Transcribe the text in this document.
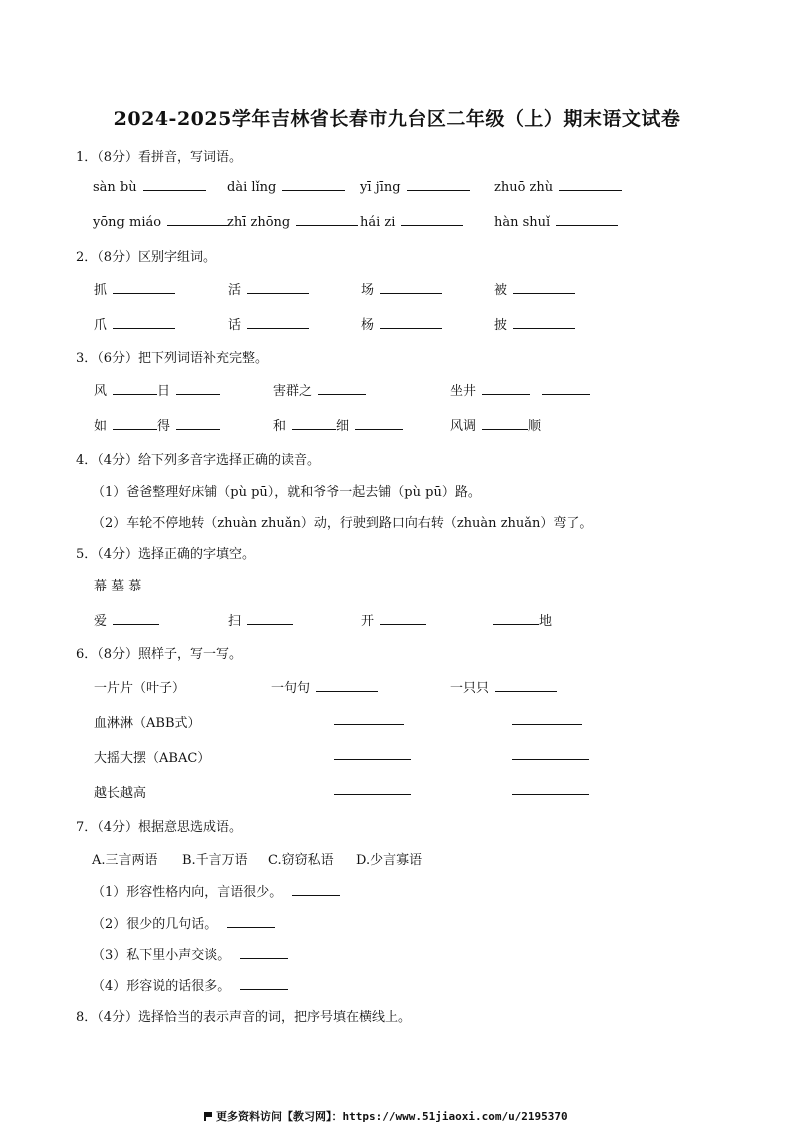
2024-2025学年吉林省长春市九台区二年级（上）期末语文试卷
1．（8分）看拼音，写词语。
sàn bù	dài lǐng	yī jīng	zhuō zhù
yōng miáo	zhī zhōng	hái zi	hàn shuǐ
2．（8分）区别字组词。
抓	活	场	被
爪	话	杨	披
3．（6分）把下列词语补充完整。
风	日	害群之	坐井
如	得	和	细	风调	顺
4．（4分）给下列多音字选择正确的读音。
（1）爸爸整理好床铺（pù pū），就和爷爷一起去铺（pù pū）路。
（2）车轮不停地转（zhuàn zhuǎn）动，行驶到路口向右转（zhuàn zhuǎn）弯了。
5．（4分）选择正确的字填空。
幕 墓 慕
爱	扫	开	地
6．（8分）照样子，写一写。
一片片（叶子）	一句句	一只只
血淋淋（ABB式）
大摇大摆（ABAC）
越长越高
7．（4分）根据意思选成语。
A.三言两语 B.千言万语 C.窃窃私语 D.少言寡语
（1）形容性格内向，言语很少。
（2）很少的几句话。
（3）私下里小声交谈。
（4）形容说的话很多。
8．（4分）选择恰当的表示声音的词，把序号填在横线上。
更多资料访问【教习网】：https://www.51jiaoxi.com/u/2195370
